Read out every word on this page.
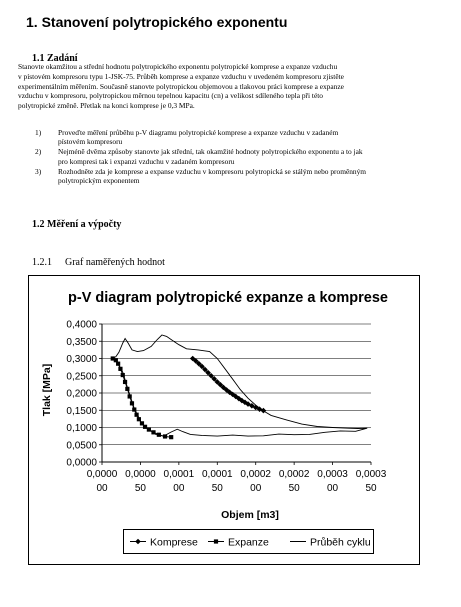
1. Stanovení polytropického exponentu
1.1 Zadání
Stanovte okamžitou a střední hodnotu polytropického exponentu polytropické komprese a expanze vzduchu
v pístovém kompresoru typu 1-JSK-75. Průběh komprese a expanze vzduchu v uvedeném kompresoru zjistěte
experimentálním měřením. Současně stanovte polytropickou objemovou a tlakovou práci komprese a expanze
vzduchu v kompresoru, polytropickou měrnou tepelnou kapacitu (cn) a velikost sdíleného tepla při této
polytropické změně. Přetlak na konci komprese je 0,3 MPa.
1) Proveďte měření průběhu p-V diagramu polytropické komprese a expanze vzduchu v zadaném
pístovém kompresoru
2) Nejméně dvěma způsoby stanovte jak střední, tak okamžité hodnoty polytropického exponentu a to jak
pro kompresi tak i expanzi vzduchu v zadaném kompresoru
3) Rozhodněte zda je komprese a expanse vzduchu v kompresoru polytropická se stálým nebo proměnným
polytropickým exponentem
1.2 Měření a výpočty
1.2.1 Graf naměřených hodnot
p-V diagram polytropické expanze a komprese
Tlak [MPa]
Objem [m3]
0,0000
0,0500
0,1000
0,1500
0,2000
0,2500
0,3000
0,3500
0,4000
0,0000
00
0,0000
50
0,0001
00
0,0001
50
0,0002
00
0,0002
50
0,0003
00
0,0003
50
Komprese	Expanze	Průběh cyklu
